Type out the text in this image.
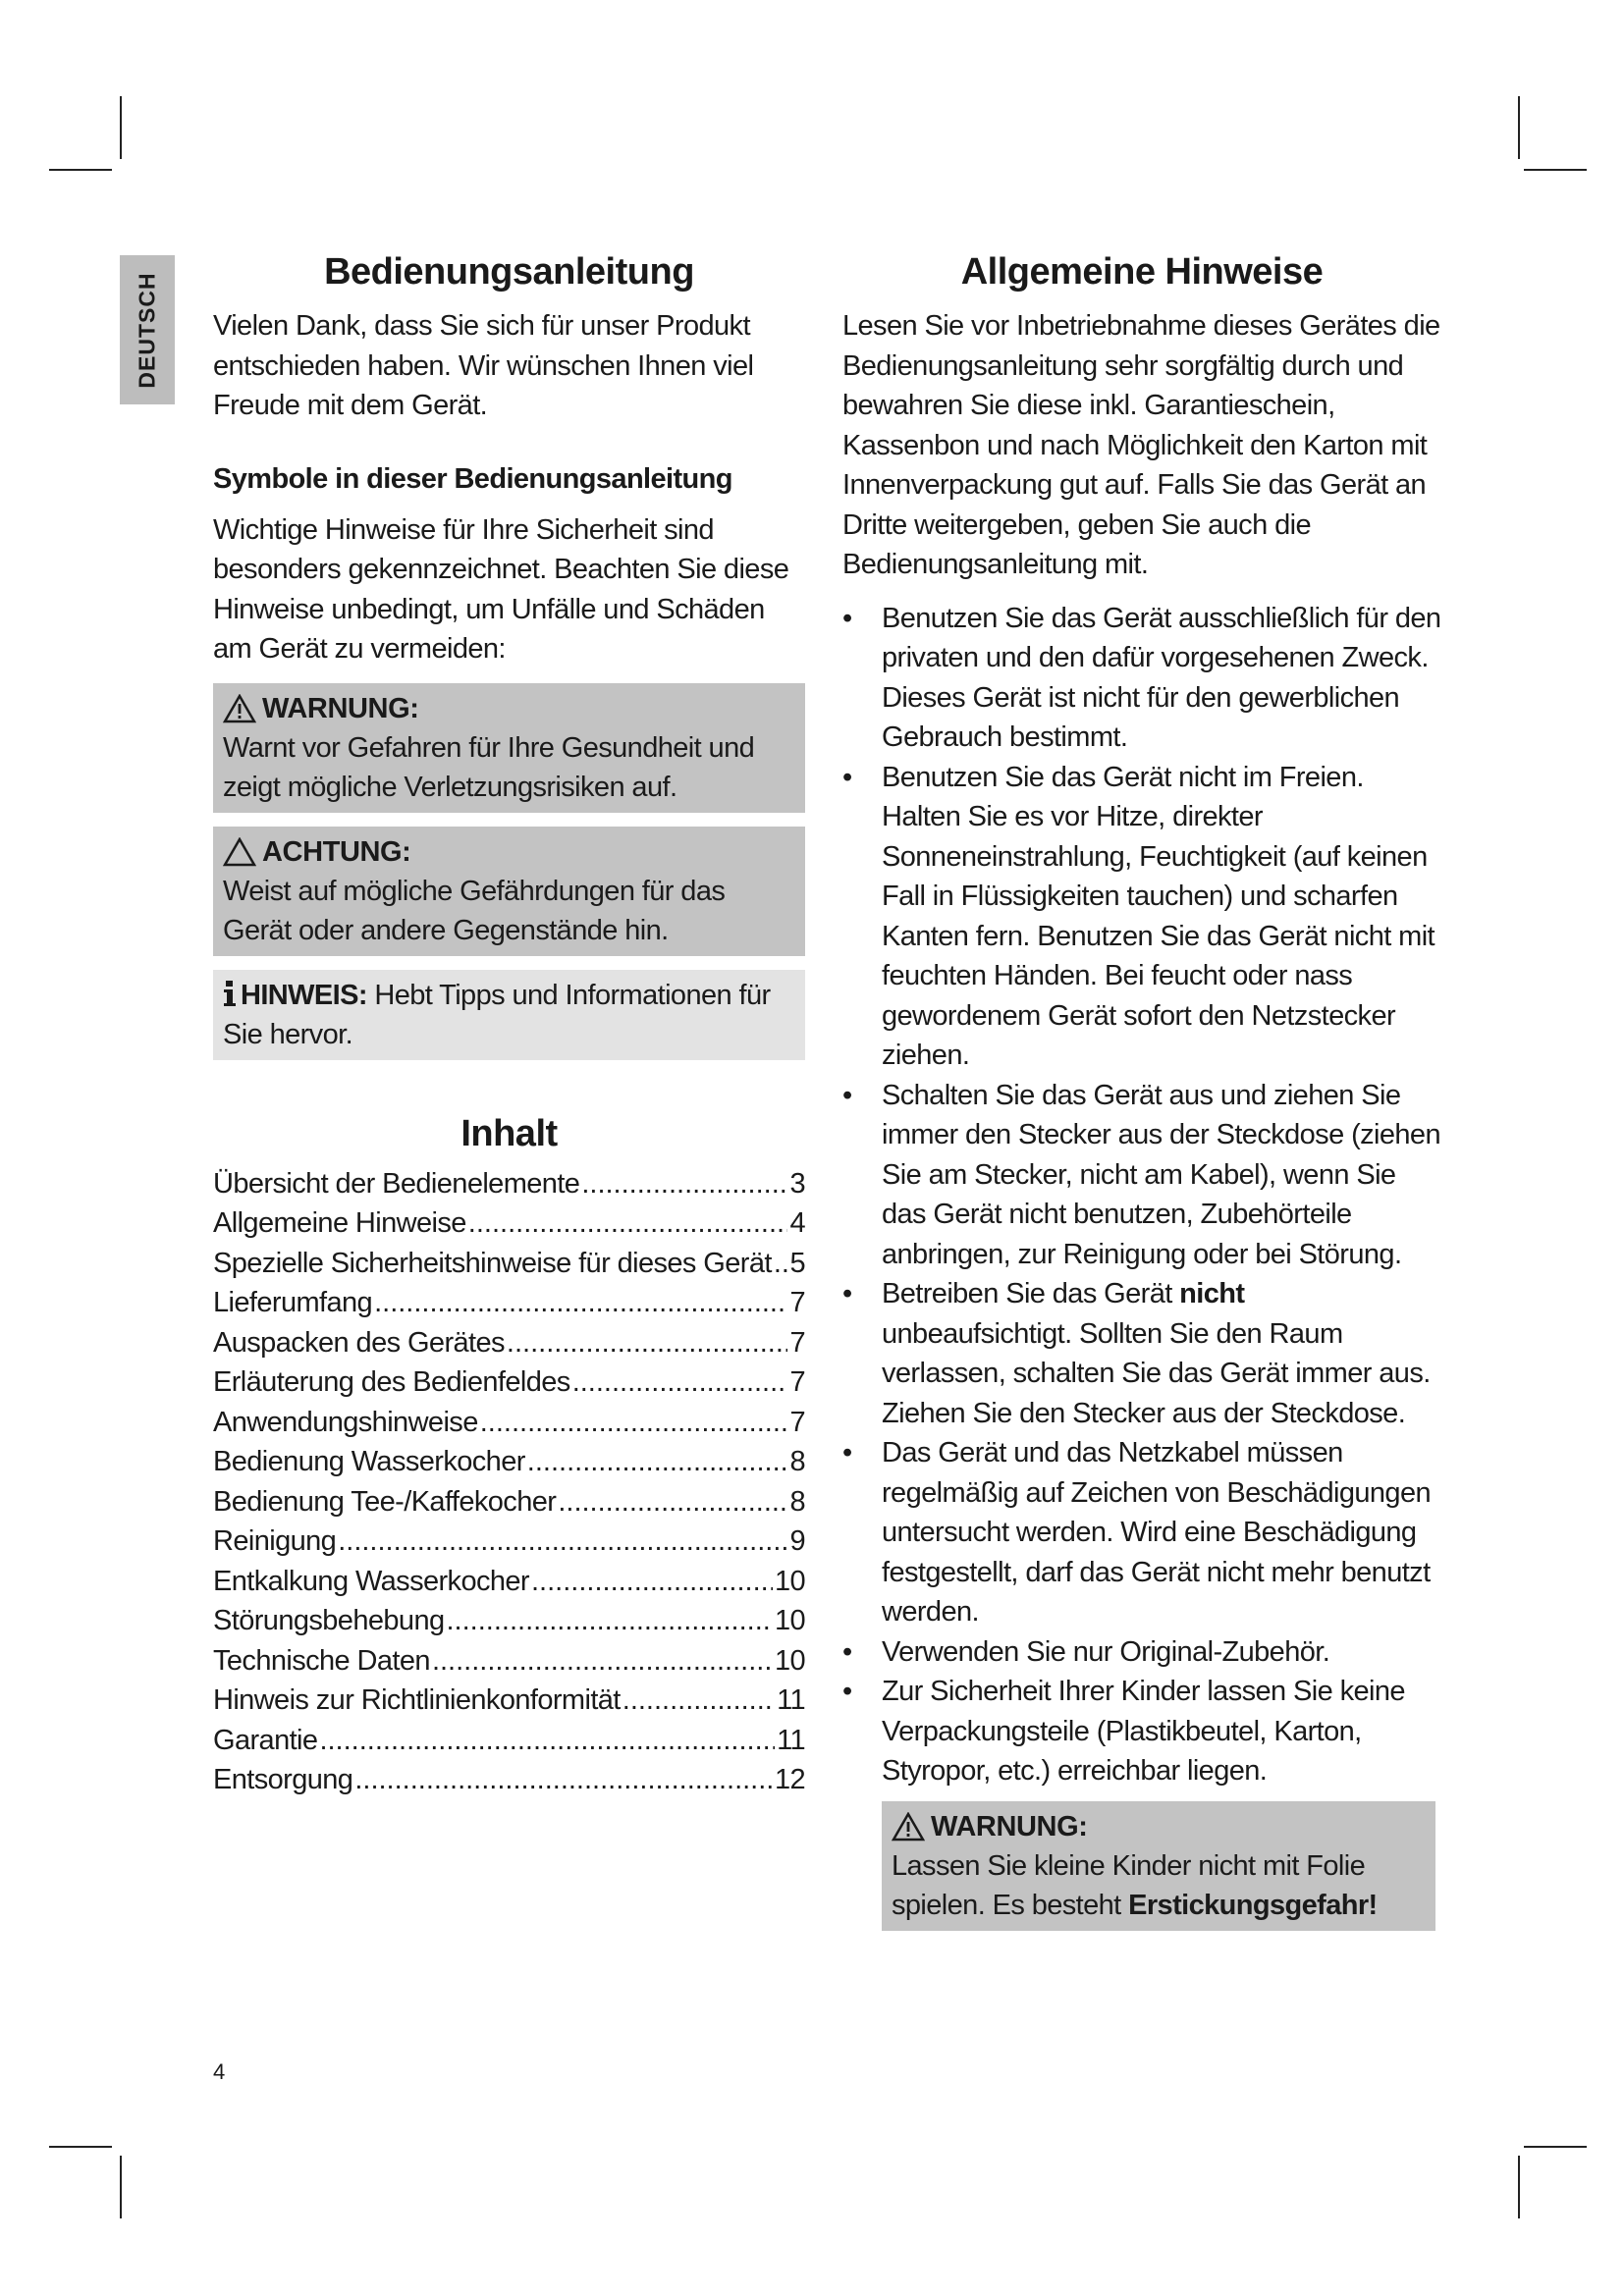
DEUTSCH	Bedienungsanleitung

Vielen Dank, dass Sie sich für unser Produkt entschieden haben. Wir wünschen Ihnen viel Freude mit dem Gerät.

Symbole in dieser Bedienungsanleitung

Wichtige Hinweise für Ihre Sicherheit sind besonders gekennzeichnet. Beachten Sie diese Hinweise unbedingt, um Unfälle und Schäden am Gerät zu vermeiden:

WARNUNG:

Warnt vor Gefahren für Ihre Gesundheit und zeigt mögliche Verletzungsrisiken auf.

ACHTUNG:

Weist auf mögliche Gefährdungen für das Gerät oder andere Gegenstände hin.

HINWEIS: Hebt Tipps und Informationen für Sie hervor.

Inhalt
Übersicht der Bedienelemente .....	3
Allgemeine Hinweise .....	4
Spezielle Sicherheitshinweise für dieses Gerät ..... 5
Lieferumfang .....	7
Auspacken des Gerätes .....	7
Erläuterung des Bedienfeldes .....	7
Anwendungshinweise .....	7
Bedienung Wasserkocher .....	8
Bedienung Tee-/Kaffekocher .....	8
Reinigung .....	9
Entkalkung Wasserkocher .....	10
Störungsbehebung .....	10
Technische Daten .....	10
Hinweis zur Richtlinienkonformität .....	11
Garantie .....	11
Entsorgung .....	12
Allgemeine Hinweise

Lesen Sie vor Inbetriebnahme dieses Gerätes die Bedienungsanleitung sehr sorgfältig durch und bewahren Sie diese inkl. Garantieschein, Kassenbon und nach Möglichkeit den Karton mit Innenverpackung gut auf. Falls Sie das Gerät an Dritte weitergeben, geben Sie auch die Bedienungsanleitung mit.

• Benutzen Sie das Gerät ausschließlich für den privaten und den dafür vorgesehenen Zweck. Dieses Gerät ist nicht für den gewerblichen Gebrauch bestimmt.
• Benutzen Sie das Gerät nicht im Freien. Halten Sie es vor Hitze, direkter Sonneneinstrahlung, Feuchtigkeit (auf keinen Fall in Flüssigkeiten tauchen) und scharfen Kanten fern. Benutzen Sie das Gerät nicht mit feuchten Händen. Bei feucht oder nass gewordenem Gerät sofort den Netzstecker ziehen.
• Schalten Sie das Gerät aus und ziehen Sie immer den Stecker aus der Steckdose (ziehen Sie am Stecker, nicht am Kabel), wenn Sie das Gerät nicht benutzen, Zubehörteile anbringen, zur Reinigung oder bei Störung.
• Betreiben Sie das Gerät nicht unbeaufsichtigt. Sollten Sie den Raum verlassen, schalten Sie das Gerät immer aus. Ziehen Sie den Stecker aus der Steckdose.
• Das Gerät und das Netzkabel müssen regelmäßig auf Zeichen von Beschädigungen untersucht werden. Wird eine Beschädigung festgestellt, darf das Gerät nicht mehr benutzt werden.
• Verwenden Sie nur Original-Zubehör.
• Zur Sicherheit Ihrer Kinder lassen Sie keine Verpackungsteile (Plastikbeutel, Karton, Styropor, etc.) erreichbar liegen.
WARNUNG:

Lassen Sie kleine Kinder nicht mit Folie spielen. Es besteht Erstickungsgefahr!

4
